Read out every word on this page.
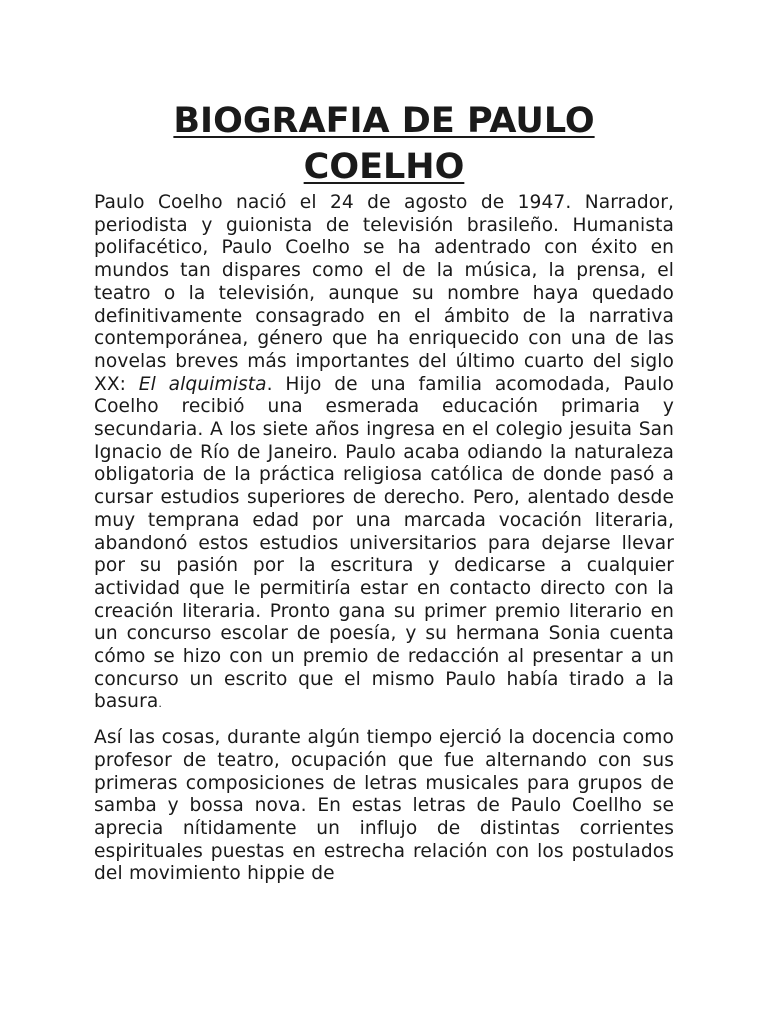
BIOGRAFIA DE PAULO COELHO

Paulo Coelho nació el 24 de agosto de 1947. Narrador, periodista y guionista de televisión brasileño. Humanista polifacético, Paulo Coelho se ha adentrado con éxito en mundos tan dispares como el de la música, la prensa, el teatro o la televisión, aunque su nombre haya quedado definitivamente consagrado en el ámbito de la narrativa contemporánea, género que ha enriquecido con una de las novelas breves más importantes del último cuarto del siglo XX: El alquimista. Hijo de una familia acomodada, Paulo Coelho recibió una esmerada educación primaria y secundaria. A los siete años ingresa en el colegio jesuita San Ignacio de Río de Janeiro. Paulo acaba odiando la naturaleza obligatoria de la práctica religiosa católica de donde pasó a cursar estudios superiores de derecho. Pero, alentado desde muy temprana edad por una marcada vocación literaria, abandonó estos estudios universitarios para dejarse llevar por su pasión por la escritura y dedicarse a cualquier actividad que le permitiría estar en contacto directo con la creación literaria. Pronto gana su primer premio literario en un concurso escolar de poesía, y su hermana Sonia cuenta cómo se hizo con un premio de redacción al presentar a un concurso un escrito que el mismo Paulo había tirado a la basura.

Así las cosas, durante algún tiempo ejerció la docencia como profesor de teatro, ocupación que fue alternando con sus primeras composiciones de letras musicales para grupos de samba y bossa nova. En estas letras de Paulo Coellho se aprecia nítidamente un influjo de distintas corrientes espirituales puestas en estrecha relación con los postulados del movimiento hippie de
